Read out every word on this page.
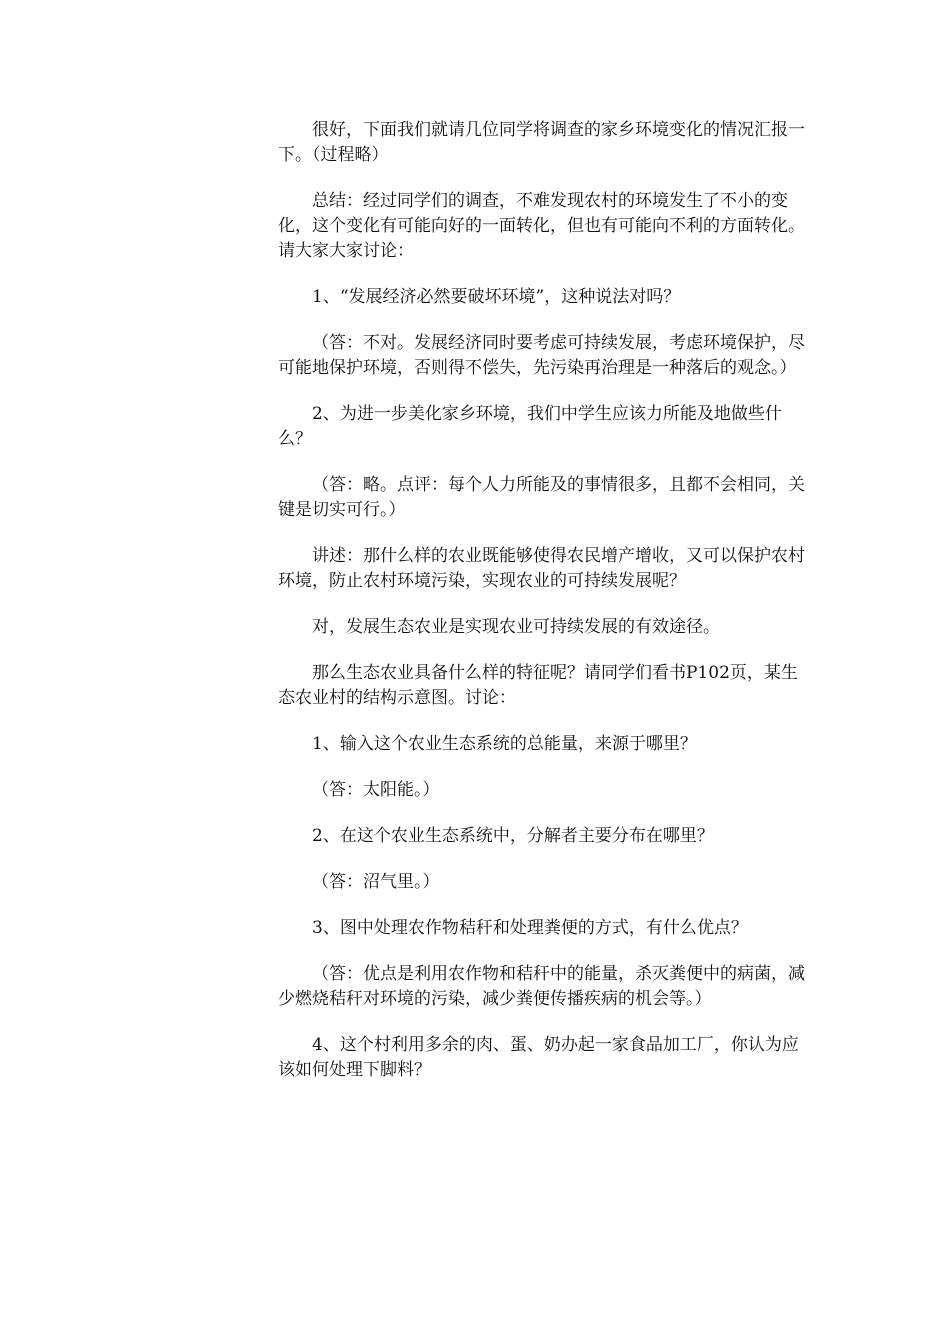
很好，下面我们就请几位同学将调查的家乡环境变化的情况汇报一下。（过程略）

总结：经过同学们的调查，不难发现农村的环境发生了不小的变化，这个变化有可能向好的一面转化，但也有可能向不利的方面转化。请大家大家讨论：

1、“发展经济必然要破坏环境”，这种说法对吗？

（答：不对。发展经济同时要考虑可持续发展，考虑环境保护，尽可能地保护环境，否则得不偿失，先污染再治理是一种落后的观念。）

2、为进一步美化家乡环境，我们中学生应该力所能及地做些什么？

（答：略。点评：每个人力所能及的事情很多，且都不会相同，关键是切实可行。）

讲述：那什么样的农业既能够使得农民增产增收，又可以保护农村环境，防止农村环境污染，实现农业的可持续发展呢？

对，发展生态农业是实现农业可持续发展的有效途径。

那么生态农业具备什么样的特征呢？请同学们看书P102页，某生态农业村的结构示意图。讨论：

1、输入这个农业生态系统的总能量，来源于哪里？

（答：太阳能。）

2、在这个农业生态系统中，分解者主要分布在哪里？

（答：沼气里。）

3、图中处理农作物秸秆和处理粪便的方式，有什么优点？

（答：优点是利用农作物和秸秆中的能量，杀灭粪便中的病菌，减少燃烧秸秆对环境的污染，减少粪便传播疾病的机会等。）

4、这个村利用多余的肉、蛋、奶办起一家食品加工厂，你认为应该如何处理下脚料？
